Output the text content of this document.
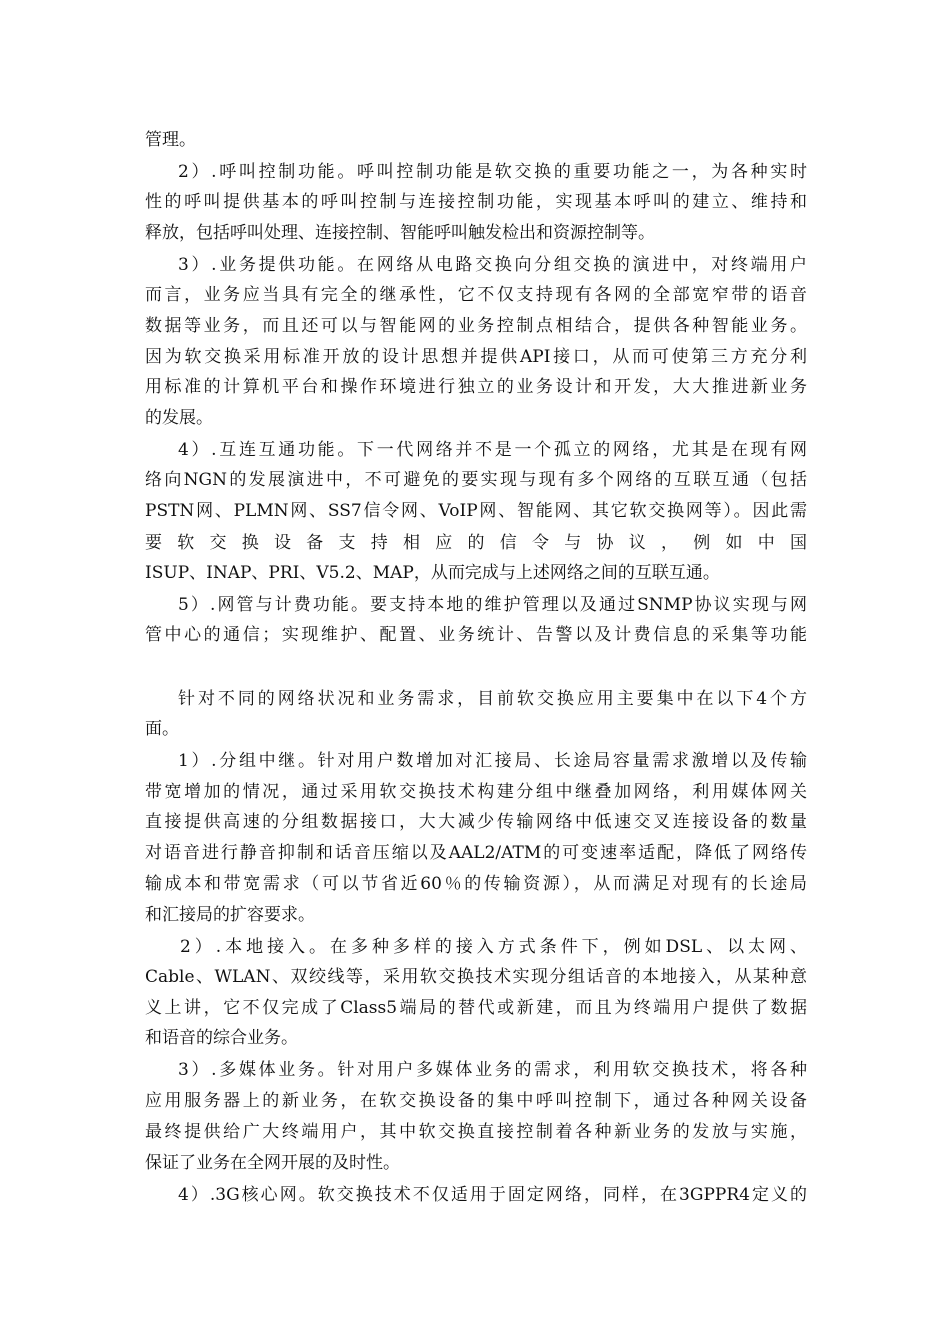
管理。
2）.呼叫控制功能。呼叫控制功能是软交换的重要功能之一，为各种实时
性的呼叫提供基本的呼叫控制与连接控制功能，实现基本呼叫的建立、维持和
释放，包括呼叫处理、连接控制、智能呼叫触发检出和资源控制等。
3）.业务提供功能。在网络从电路交换向分组交换的演进中，对终端用户
而言，业务应当具有完全的继承性，它不仅支持现有各网的全部宽窄带的语音
数据等业务，而且还可以与智能网的业务控制点相结合，提供各种智能业务。
因为软交换采用标准开放的设计思想并提供API接口，从而可使第三方充分利
用标准的计算机平台和操作环境进行独立的业务设计和开发，大大推进新业务
的发展。
4）.互连互通功能。下一代网络并不是一个孤立的网络，尤其是在现有网
络向NGN的发展演进中，不可避免的要实现与现有多个网络的互联互通（包括
PSTN网、PLMN网、SS7信令网、VoIP网、智能网、其它软交换网等）。因此需
要 软 交 换 设 备 支 持 相 应 的 信 令 与 协 议 ， 例 如 中 国
ISUP、INAP、PRI、V5.2、MAP，从而完成与上述网络之间的互联互通。
5）.网管与计费功能。要支持本地的维护管理以及通过SNMP协议实现与网
管中心的通信；实现维护、配置、业务统计、告警以及计费信息的采集等功能
针对不同的网络状况和业务需求，目前软交换应用主要集中在以下4个方
面。
1）.分组中继。针对用户数增加对汇接局、长途局容量需求激增以及传输
带宽增加的情况，通过采用软交换技术构建分组中继叠加网络，利用媒体网关
直接提供高速的分组数据接口，大大减少传输网络中低速交叉连接设备的数量
对语音进行静音抑制和话音压缩以及AAL2/ATM的可变速率适配，降低了网络传
输成本和带宽需求（可以节省近60％的传输资源），从而满足对现有的长途局
和汇接局的扩容要求。
2）.本地接入。在多种多样的接入方式条件下，例如DSL、以太网、
Cable、WLAN、双绞线等，采用软交换技术实现分组话音的本地接入，从某种意
义上讲，它不仅完成了Class5端局的替代或新建，而且为终端用户提供了数据
和语音的综合业务。
3）.多媒体业务。针对用户多媒体业务的需求，利用软交换技术，将各种
应用服务器上的新业务，在软交换设备的集中呼叫控制下，通过各种网关设备
最终提供给广大终端用户，其中软交换直接控制着各种新业务的发放与实施，
保证了业务在全网开展的及时性。
4）.3G核心网。软交换技术不仅适用于固定网络，同样，在3GPPR4定义的
